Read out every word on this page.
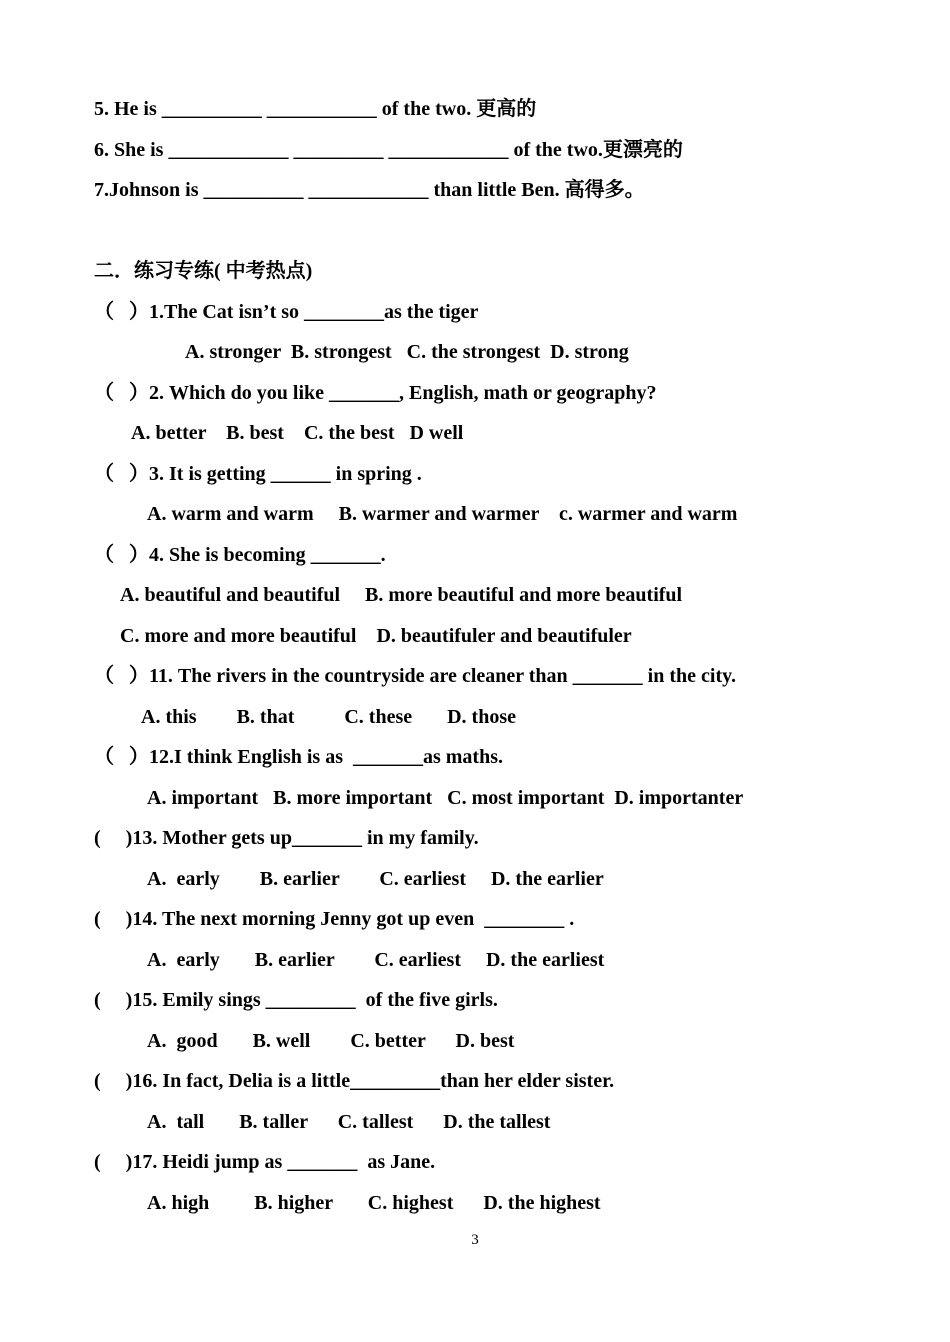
5. He is __________ ___________ of the two. 更高的
6. She is ____________ _________ ____________ of the two.更漂亮的
7.Johnson is __________ ____________ than little Ben. 高得多。
二．练习专练( 中考热点)
（   ）1.The Cat isn’t so ________as the tiger
A. stronger  B. strongest   C. the strongest  D. strong
（   ）2. Which do you like _______, English, math or geography?
A. better    B. best    C. the best   D well
（   ）3. It is getting ______ in spring .
A. warm and warm     B. warmer and warmer    c. warmer and warm
（   ）4. She is becoming _______.
A. beautiful and beautiful     B. more beautiful and more beautiful
C. more and more beautiful    D. beautifuler and beautifuler
（   ）11. The rivers in the countryside are cleaner than _______ in the city.
A. this        B. that          C. these       D. those
（   ）12.I think English is as  _______as maths.
A. important   B. more important   C. most important  D. importanter
(     )13. Mother gets up_______ in my family.
A.  early        B. earlier        C. earliest     D. the earlier
(     )14. The next morning Jenny got up even  ________ .
A.  early       B. earlier        C. earliest     D. the earliest
(     )15. Emily sings _________  of the five girls.
A.  good       B. well        C. better      D. best
(     )16. In fact, Delia is a little_________than her elder sister.
A.  tall       B. taller      C. tallest      D. the tallest
(     )17. Heidi jump as _______  as Jane.
A. high         B. higher       C. highest      D. the highest
3
